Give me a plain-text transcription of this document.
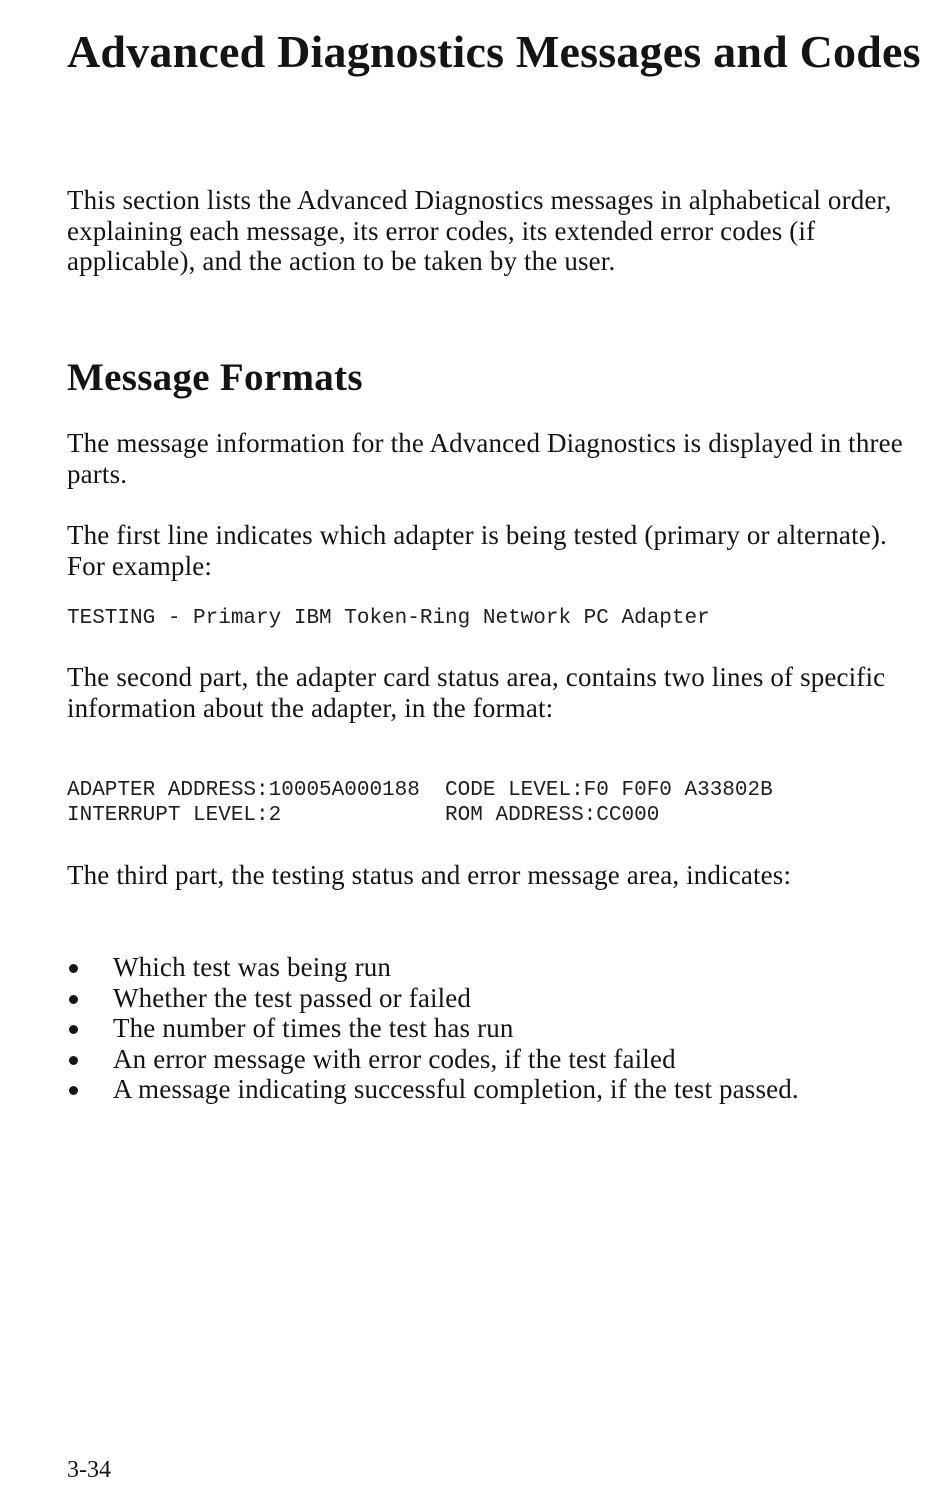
Advanced Diagnostics Messages and Codes

This section lists the Advanced Diagnostics messages in alphabetical order, explaining each message, its error codes, its extended error codes (if applicable), and the action to be taken by the user.

Message Formats

The message information for the Advanced Diagnostics is displayed in three parts.

The first line indicates which adapter is being tested (primary or alternate). For example:

TESTING - Primary IBM Token-Ring Network PC Adapter

The second part, the adapter card status area, contains two lines of specific information about the adapter, in the format:

ADAPTER ADDRESS:10005A000188  CODE LEVEL:F0 F0F0 A33802B
INTERRUPT LEVEL:2             ROM ADDRESS:CC000

The third part, the testing status and error message area, indicates:

Which test was being run
Whether the test passed or failed
The number of times the test has run
An error message with error codes, if the test failed
A message indicating successful completion, if the test passed.
3-34
